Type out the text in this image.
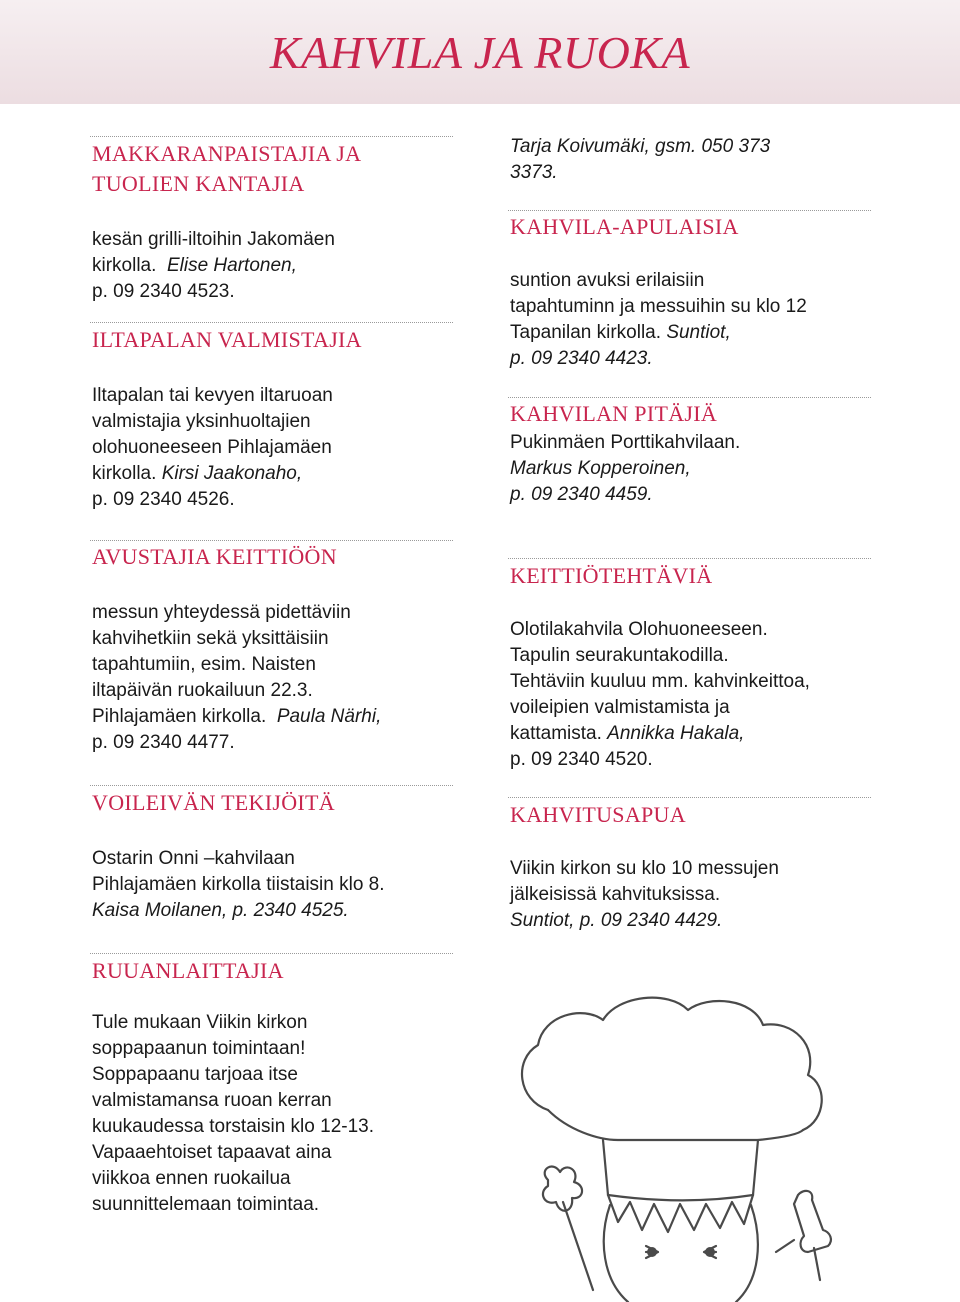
KAHVILA JA RUOKA
MAKKARANPAISTAJIA JA
TUOLIEN KANTAJIA
kesän grilli-iltoihin Jakomäen
kirkolla. Elise Hartonen,
p. 09 2340 4523.
ILTAPALAN VALMISTAJIA
Iltapalan tai kevyen iltaruoan
valmistajia yksinhuoltajien
olohuoneeseen Pihlajamäen
kirkolla. Kirsi Jaakonaho,
p. 09 2340 4526.
AVUSTAJIA KEITTIÖÖN
messun yhteydessä pidettäviin
kahvihetkiin sekä yksittäisiin
tapahtumiin, esim. Naisten
iltapäivän ruokailuun 22.3.
Pihlajamäen kirkolla. Paula Närhi,
p. 09 2340 4477.
VOILEIVÄN TEKIJÖITÄ
Ostarin Onni –kahvilaan
Pihlajamäen kirkolla tiistaisin klo 8.
Kaisa Moilanen, p. 2340 4525.
RUUANLAITTAJIA
Tule mukaan Viikin kirkon
soppapaanun toimintaan!
Soppapaanu tarjoaa itse
valmistamansa ruoan kerran
kuukaudessa torstaisin klo 12-13.
Vapaaehtoiset tapaavat aina
viikkoa ennen ruokailua
suunnittelemaan toimintaa.
Tarja Koivumäki, gsm. 050 373
3373.
KAHVILA-APULAISIA
suntion avuksi erilaisiin
tapahtuminn ja messuihin su klo 12
Tapanilan kirkolla. Suntiot,
p. 09 2340 4423.
KAHVILAN PITÄJIÄ
Pukinmäen Porttikahvilaan.
Markus Kopperoinen,
p. 09 2340 4459.
KEITTIÖTEHTÄVIÄ
Olotilakahvila Olohuoneeseen.
Tapulin seurakuntakodilla.
Tehtäviin kuuluu mm. kahvinkeittoa,
voileipien valmistamista ja
kattamista. Annikka Hakala,
p. 09 2340 4520.
KAHVITUSAPUA
Viikin kirkon su klo 10 messujen
jälkeisissä kahvituksissa.
Suntiot, p. 09 2340 4429.
